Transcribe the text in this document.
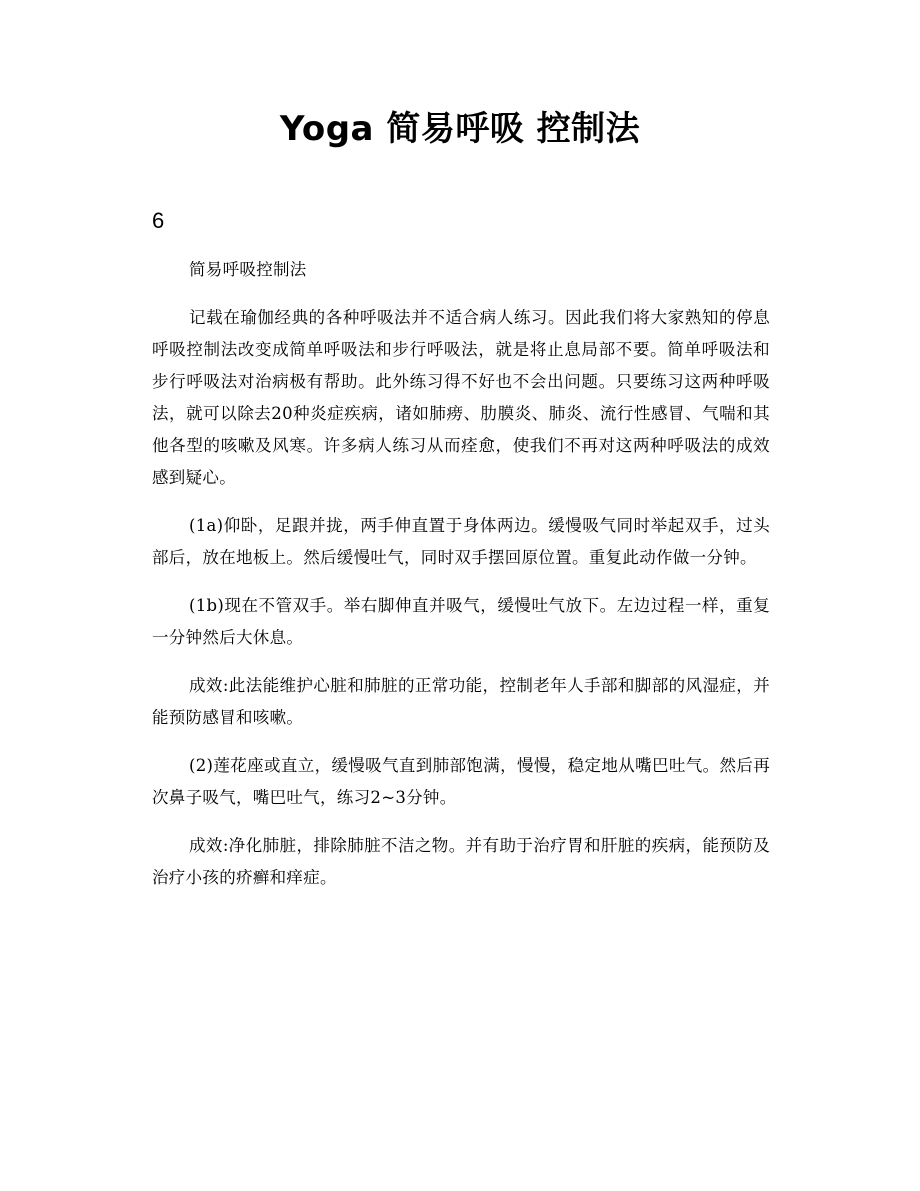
Yoga 简易呼吸 控制法

6

简易呼吸控制法

记载在瑜伽经典的各种呼吸法并不适合病人练习。因此我们将大家熟知的停息呼吸控制法改变成简单呼吸法和步行呼吸法，就是将止息局部不要。简单呼吸法和步行呼吸法对治病极有帮助。此外练习得不好也不会出问题。只要练习这两种呼吸法，就可以除去20种炎症疾病，诸如肺痨、肋膜炎、肺炎、流行性感冒、气喘和其他各型的咳嗽及风寒。许多病人练习从而痊愈，使我们不再对这两种呼吸法的成效感到疑心。

(1a)仰卧，足跟并拢，两手伸直置于身体两边。缓慢吸气同时举起双手，过头部后，放在地板上。然后缓慢吐气，同时双手摆回原位置。重复此动作做一分钟。

(1b)现在不管双手。举右脚伸直并吸气，缓慢吐气放下。左边过程一样，重复一分钟然后大休息。

成效:此法能维护心脏和肺脏的正常功能，控制老年人手部和脚部的风湿症，并能预防感冒和咳嗽。

(2)莲花座或直立，缓慢吸气直到肺部饱满，慢慢，稳定地从嘴巴吐气。然后再次鼻子吸气，嘴巴吐气，练习2~3分钟。

成效:净化肺脏，排除肺脏不洁之物。并有助于治疗胃和肝脏的疾病，能预防及治疗小孩的疥癣和痒症。
